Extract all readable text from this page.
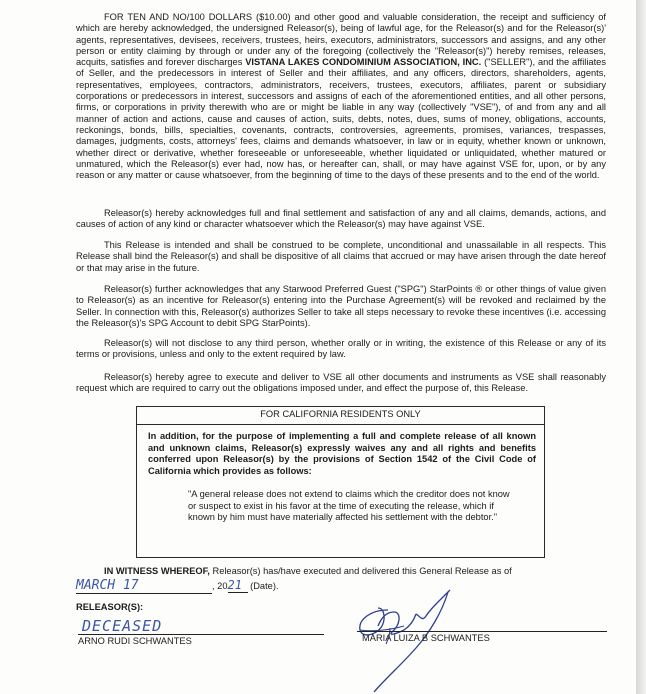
FOR TEN AND NO/100 DOLLARS ($10.00) and other good and valuable consideration, the receipt and sufficiency of which are hereby acknowledged, the undersigned Releasor(s), being of lawful age, for the Releasor(s) and for the Releasor(s)' agents, representatives, devisees, receivers, trustees, heirs, executors, administrators, successors and assigns, and any other person or entity claiming by through or under any of the foregoing (collectively the "Releasor(s)") hereby remises, releases, acquits, satisfies and forever discharges VISTANA LAKES CONDOMINIUM ASSOCIATION, INC. ("SELLER"), and the affiliates of Seller, and the predecessors in interest of Seller and their affiliates, and any officers, directors, shareholders, agents, representatives, employees, contractors, administrators, receivers, trustees, executors, affiliates, parent or subsidiary corporations or predecessors in interest, successors and assigns of each of the aforementioned entities, and all other persons, firms, or corporations in privity therewith who are or might be liable in any way (collectively "VSE"), of and from any and all manner of action and actions, cause and causes of action, suits, debts, notes, dues, sums of money, obligations, accounts, reckonings, bonds, bills, specialties, covenants, contracts, controversies, agreements, promises, variances, trespasses, damages, judgments, costs, attorneys' fees, claims and demands whatsoever, in law or in equity, whether known or unknown, whether direct or derivative, whether foreseeable or unforeseeable, whether liquidated or unliquidated, whether matured or unmatured, which the Releasor(s) ever had, now has, or hereafter can, shall, or may have against VSE for, upon, or by any reason or any matter or cause whatsoever, from the beginning of time to the days of these presents and to the end of the world.

Releasor(s) hereby acknowledges full and final settlement and satisfaction of any and all claims, demands, actions, and causes of action of any kind or character whatsoever which the Releasor(s) may have against VSE.

This Release is intended and shall be construed to be complete, unconditional and unassailable in all respects. This Release shall bind the Releasor(s) and shall be dispositive of all claims that accrued or may have arisen through the date hereof or that may arise in the future.

Releasor(s) further acknowledges that any Starwood Preferred Guest ("SPG") StarPoints ® or other things of value given to Releasor(s) as an incentive for Releasor(s) entering into the Purchase Agreement(s) will be revoked and reclaimed by the Seller. In connection with this, Releasor(s) authorizes Seller to take all steps necessary to revoke these incentives (i.e. accessing the Releasor(s)'s SPG Account to debit SPG StarPoints).

Releasor(s) will not disclose to any third person, whether orally or in writing, the existence of this Release or any of its terms or provisions, unless and only to the extent required by law.

Releasor(s) hereby agree to execute and deliver to VSE all other documents and instruments as VSE shall reasonably request which are required to carry out the obligations imposed under, and effect the purpose of, this Release.

FOR CALIFORNIA RESIDENTS ONLY

In addition, for the purpose of implementing a full and complete release of all known and unknown claims, Releasor(s) expressly waives any and all rights and benefits conferred upon Releasor(s) by the provisions of Section 1542 of the Civil Code of California which provides as follows:

"A general release does not extend to claims which the creditor does not know or suspect to exist in his favor at the time of executing the release, which if known by him must have materially affected his settlement with the debtor."

IN WITNESS WHEREOF, Releasor(s) has/have executed and delivered this General Release as of
MARCH 17	, 2021 (Date).
RELEASOR(S):
DECEASED
ARNO RUDI SCHWANTES	MARIA LUIZA B SCHWANTES
